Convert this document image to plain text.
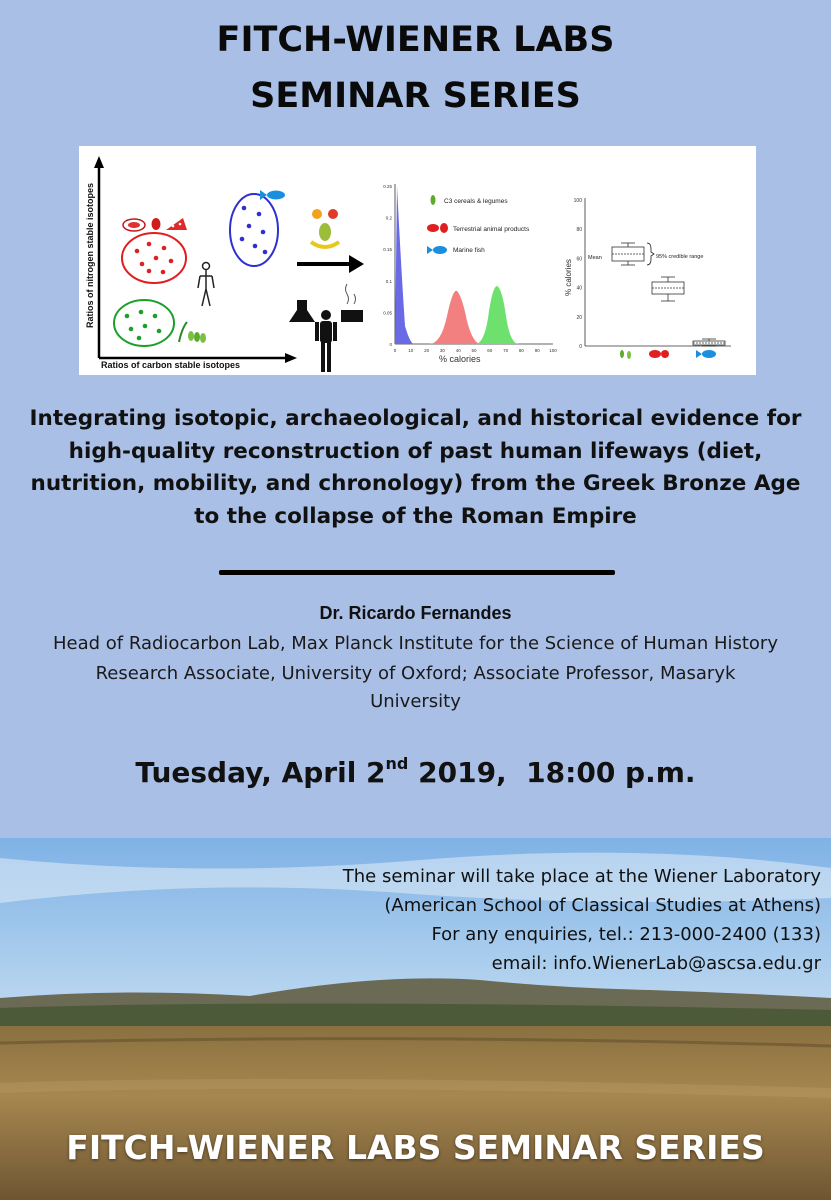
FITCH-WIENER LABS
SEMINAR SERIES
Ratios of nitrogen stable isotopes
Ratios of carbon stable isotopes
0.25
0.2
0.15
0.1
0.05
0
0	10 20 30 40 50 60 70 80 90 100
% calories
C3 cereals & legumes
Terrestrial animal products
Marine fish
100
80
60
40
20
0
% calories
Mean	95% credible range
Integrating isotopic, archaeological, and historical evidence for
high-quality reconstruction of past human lifeways (diet,
nutrition, mobility, and chronology) from the Greek Bronze Age
to the collapse of the Roman Empire
Dr. Ricardo Fernandes
Head of Radiocarbon Lab, Max Planck Institute for the Science of Human History
Research Associate, University of Oxford; Associate Professor, Masaryk
University
Tuesday, April 2nd 2019,  18:00 p.m.
The seminar will take place at the Wiener Laboratory
(American School of Classical Studies at Athens)
For any enquiries, tel.: 213-000-2400 (133)
email: info.WienerLab@ascsa.edu.gr
FITCH-WIENER LABS SEMINAR SERIES
